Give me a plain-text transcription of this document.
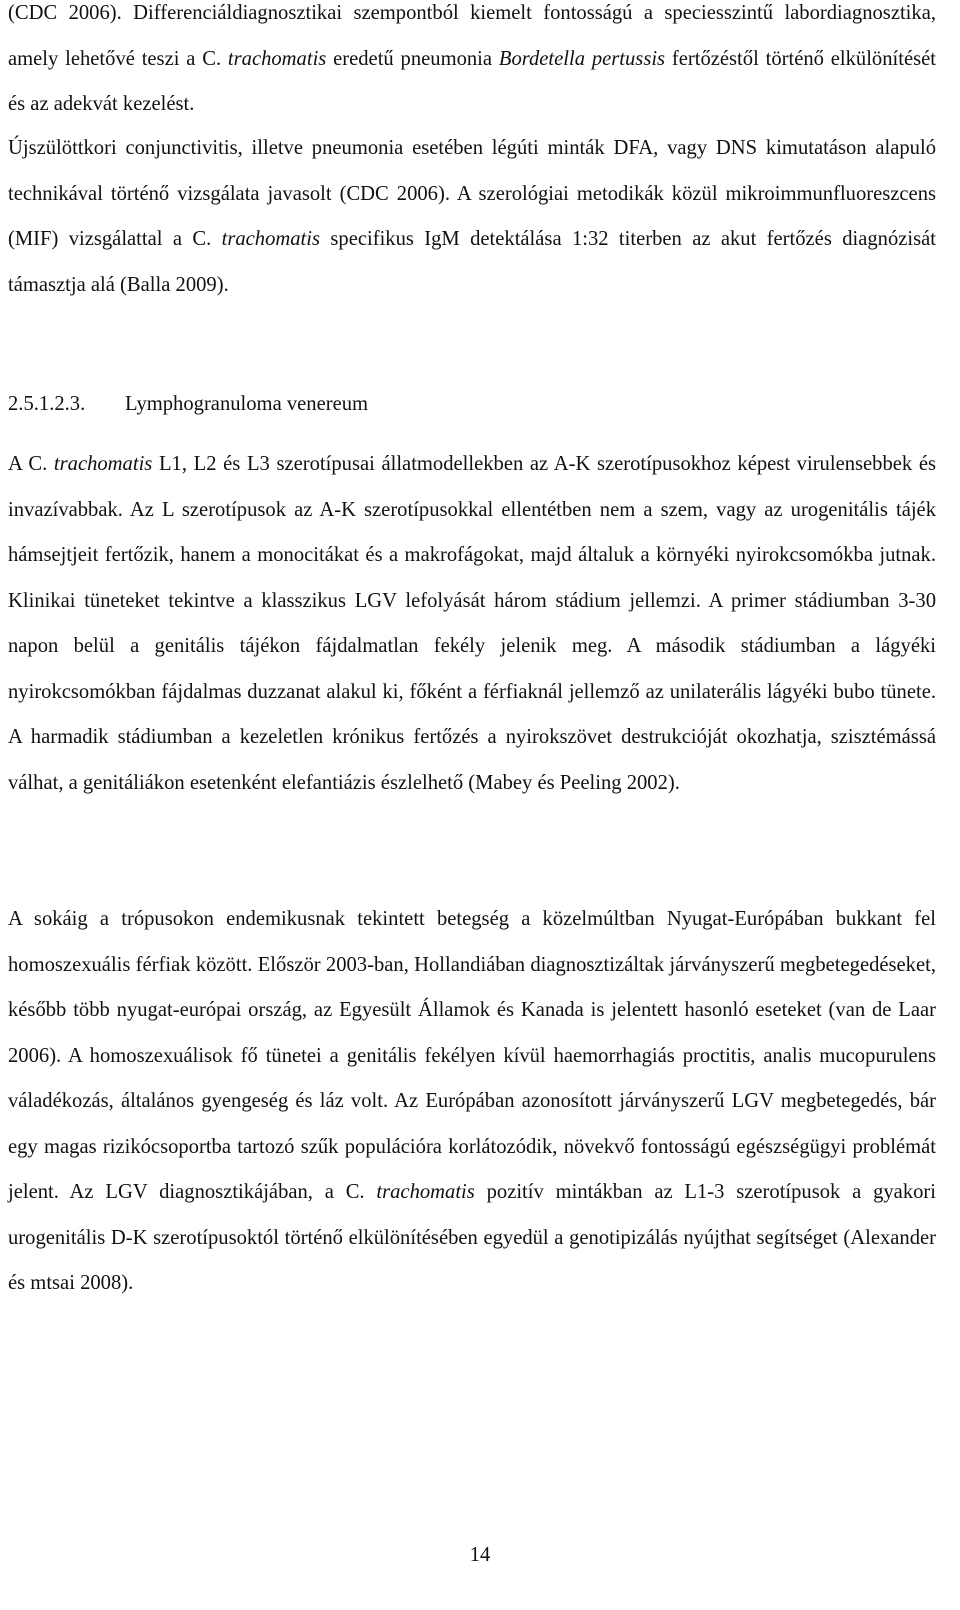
(CDC 2006). Differenciáldiagnosztikai szempontból kiemelt fontosságú a speciesszintű labordiagnosztika, amely lehetővé teszi a C. trachomatis eredetű pneumonia Bordetella pertussis fertőzéstől történő elkülönítését és az adekvát kezelést.

Újszülöttkori conjunctivitis, illetve pneumonia esetében légúti minták DFA, vagy DNS kimutatáson alapuló technikával történő vizsgálata javasolt (CDC 2006). A szerológiai metodikák közül mikroimmunfluoreszcens (MIF) vizsgálattal a C. trachomatis specifikus IgM detektálása 1:32 titerben az akut fertőzés diagnózisát támasztja alá (Balla 2009).

2.5.1.2.3. Lymphogranuloma venereum

A C. trachomatis L1, L2 és L3 szerotípusai állatmodellekben az A-K szerotípusokhoz képest virulensebbek és invazívabbak. Az L szerotípusok az A-K szerotípusokkal ellentétben nem a szem, vagy az urogenitális tájék hámsejtjeit fertőzik, hanem a monocitákat és a makrofágokat, majd általuk a környéki nyirokcsomókba jutnak. Klinikai tüneteket tekintve a klasszikus LGV lefolyását három stádium jellemzi. A primer stádiumban 3-30 napon belül a genitális tájékon fájdalmatlan fekély jelenik meg. A második stádiumban a lágyéki nyirokcsomókban fájdalmas duzzanat alakul ki, főként a férfiaknál jellemző az unilaterális lágyéki bubo tünete. A harmadik stádiumban a kezeletlen krónikus fertőzés a nyirokszövet destrukcióját okozhatja, szisztémássá válhat, a genitáliákon esetenként elefantiázis észlelhető (Mabey és Peeling 2002).

A sokáig a trópusokon endemikusnak tekintett betegség a közelmúltban Nyugat-Európában bukkant fel homoszexuális férfiak között. Először 2003-ban, Hollandiában diagnosztizáltak járványszerű megbetegedéseket, később több nyugat-európai ország, az Egyesült Államok és Kanada is jelentett hasonló eseteket (van de Laar 2006). A homoszexuálisok fő tünetei a genitális fekélyen kívül haemorrhagiás proctitis, analis mucopurulens váladékozás, általános gyengeség és láz volt. Az Európában azonosított járványszerű LGV megbetegedés, bár egy magas rizikócsoportba tartozó szűk populációra korlátozódik, növekvő fontosságú egészségügyi problémát jelent. Az LGV diagnosztikájában, a C. trachomatis pozitív mintákban az L1-3 szerotípusok a gyakori urogenitális D-K szerotípusoktól történő elkülönítésében egyedül a genotipizálás nyújthat segítséget (Alexander és mtsai 2008).

14
